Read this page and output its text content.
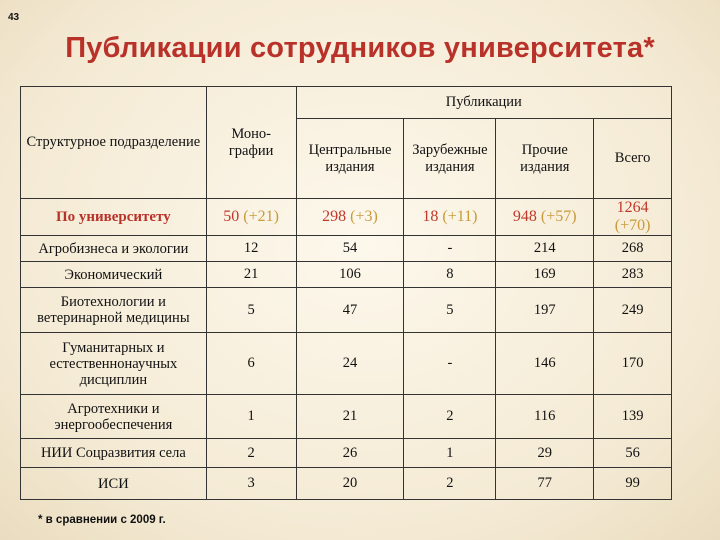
43
Публикации сотрудников университета*
Структурное подразделение	Моно-графии	Публикации			
		Центральные издания	Зарубежные издания	Прочие издания	Всего
По университету	50 (+21)	298 (+3)	18 (+11)	948 (+57)	1264 (+70)
Агробизнеса и экологии	12	54	-	214	268
Экономический	21	106	8	169	283
Биотехнологии и ветеринарной медицины	5	47	5	197	249
Гуманитарных и естественнонаучных дисциплин	6	24	-	146	170
Агротехники и энергообеспечения	1	21	2	116	139
НИИ Соцразвития села	2	26	1	29	56
ИСИ	3	20	2	77	99
* в сравнении с 2009 г.
